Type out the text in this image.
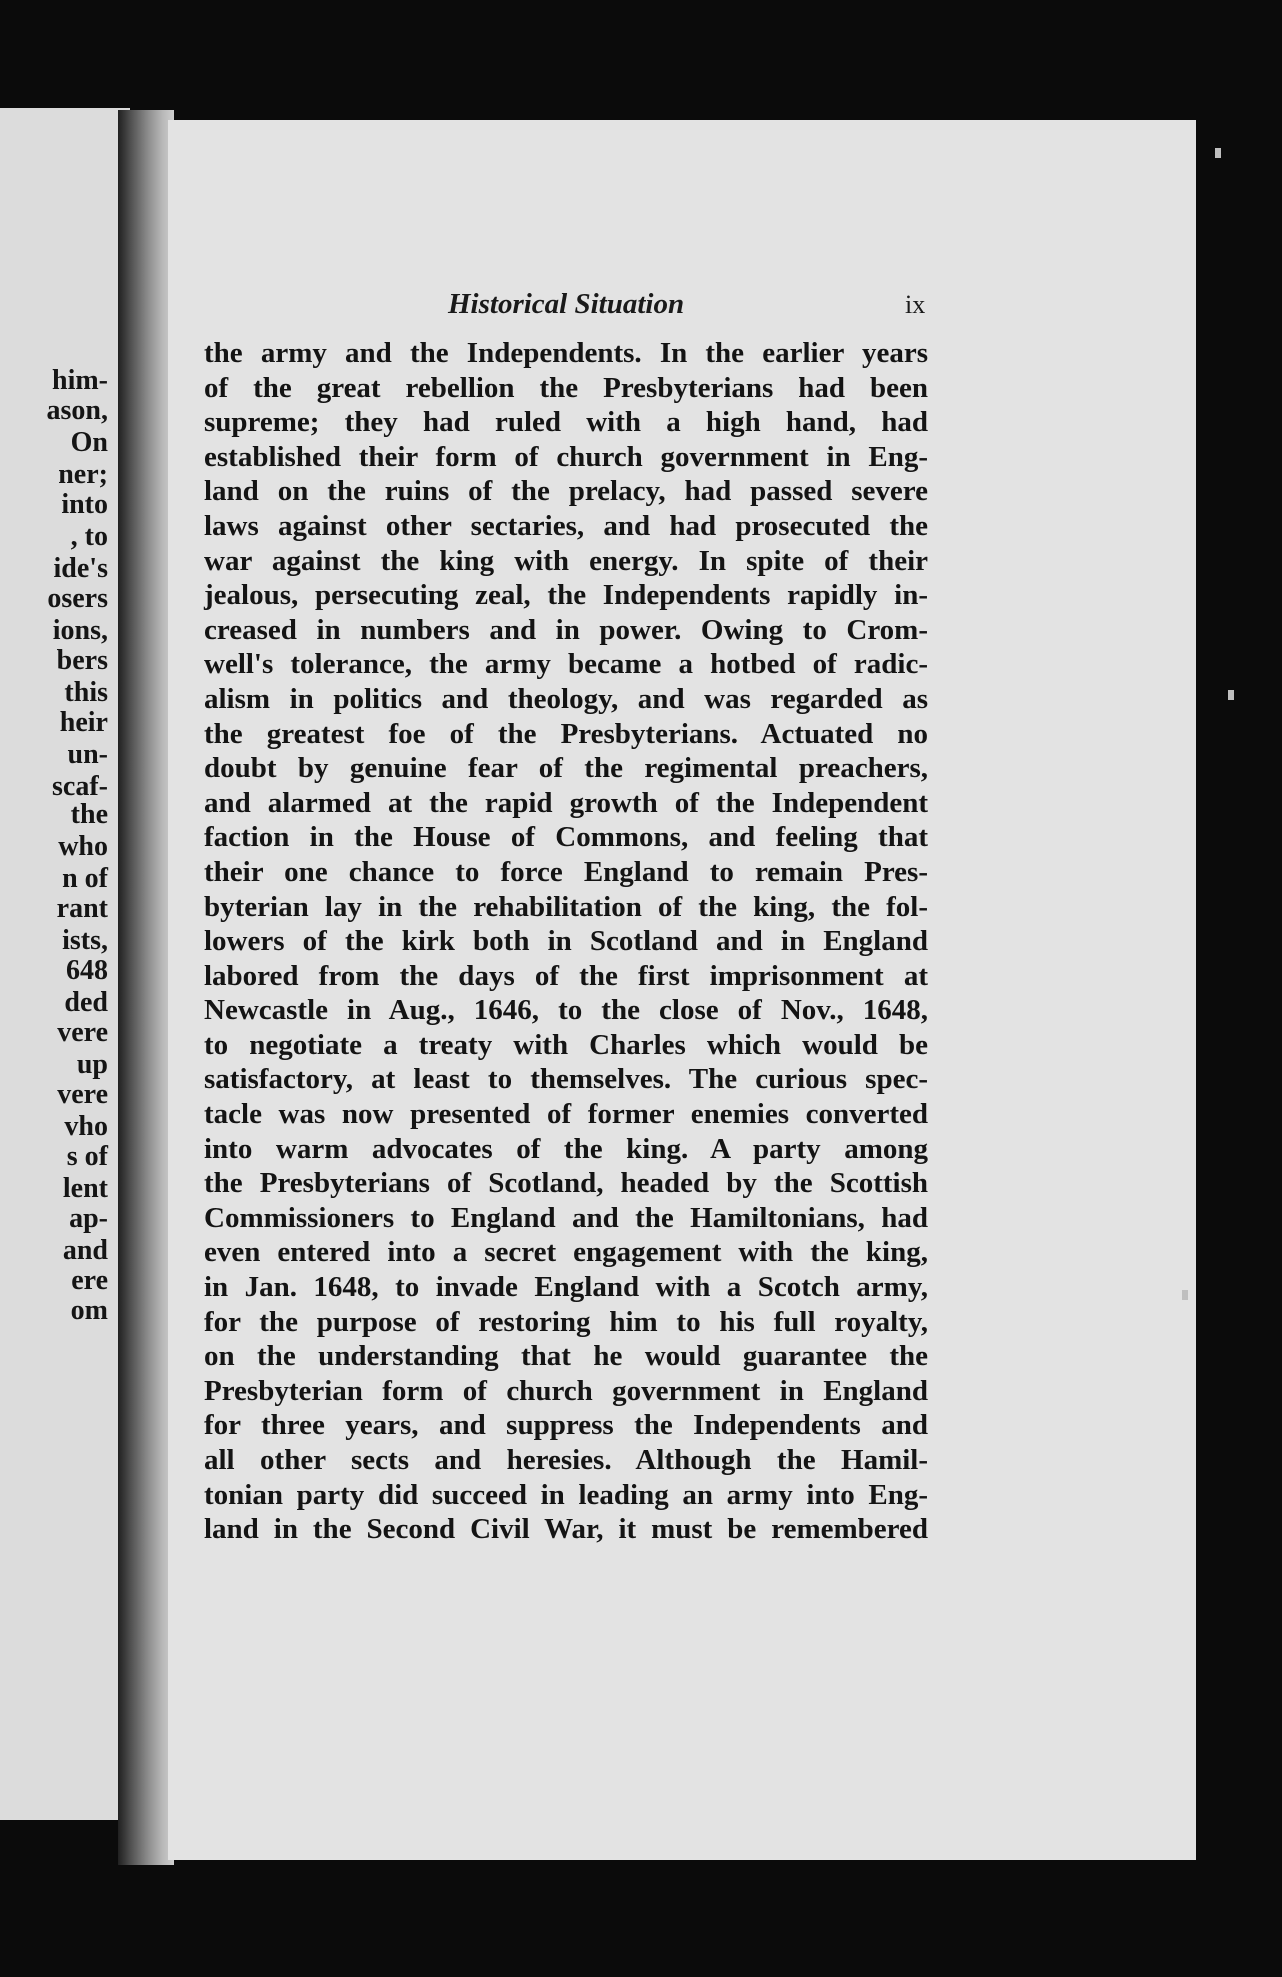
him-
ason,
On
ner;
into
, to
ide's
osers
ions,
bers
this
heir
un-
scaf-
the
who
n of
rant
ists,
648
ded
vere
up
vere
vho
s of
lent
ap-
and
ere
om
Historical Situation	ix
the army and the Independents. In the earlier years
of the great rebellion the Presbyterians had been
supreme; they had ruled with a high hand, had
established their form of church government in Eng-
land on the ruins of the prelacy, had passed severe
laws against other sectaries, and had prosecuted the
war against the king with energy. In spite of their
jealous, persecuting zeal, the Independents rapidly in-
creased in numbers and in power. Owing to Crom-
well's tolerance, the army became a hotbed of radic-
alism in politics and theology, and was regarded as
the greatest foe of the Presbyterians. Actuated no
doubt by genuine fear of the regimental preachers,
and alarmed at the rapid growth of the Independent
faction in the House of Commons, and feeling that
their one chance to force England to remain Pres-
byterian lay in the rehabilitation of the king, the fol-
lowers of the kirk both in Scotland and in England
labored from the days of the first imprisonment at
Newcastle in Aug., 1646, to the close of Nov., 1648,
to negotiate a treaty with Charles which would be
satisfactory, at least to themselves. The curious spec-
tacle was now presented of former enemies converted
into warm advocates of the king. A party among
the Presbyterians of Scotland, headed by the Scottish
Commissioners to England and the Hamiltonians, had
even entered into a secret engagement with the king,
in Jan. 1648, to invade England with a Scotch army,
for the purpose of restoring him to his full royalty,
on the understanding that he would guarantee the
Presbyterian form of church government in England
for three years, and suppress the Independents and
all other sects and heresies. Although the Hamil-
tonian party did succeed in leading an army into Eng-
land in the Second Civil War, it must be remembered
